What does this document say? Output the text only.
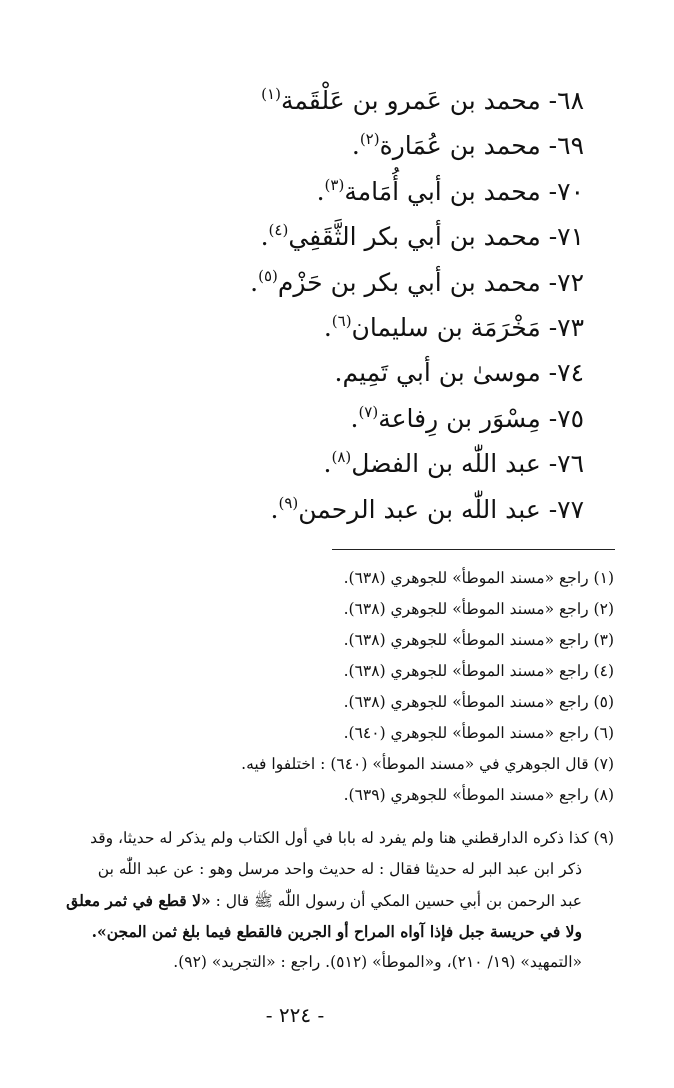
٦٨- محمد بن عَمرو بن عَلْقَمة$^{(١)}$
٦٩- محمد بن عُمَارة$^{(٢)}$.
٧٠- محمد بن أبي أُمَامة$^{(٣)}$.
٧١- محمد بن أبي بكر الثَّقَفِي$^{(٤)}$.
٧٢- محمد بن أبي بكر بن حَزْم$^{(٥)}$.
٧٣- مَخْرَمَة بن سليمان$^{(٦)}$.
٧٤- موسىٰ بن أبي تَمِيم.
٧٥- مِسْوَر بن رِفاعة$^{(٧)}$.
٧٦- عبد اللّٰه بن الفضل$^{(٨)}$.
٧٧- عبد اللّٰه بن عبد الرحمن$^{(٩)}$.
(١) راجع «مسند الموطأ» للجوهري (٦٣٨).
(٢) راجع «مسند الموطأ» للجوهري (٦٣٨).
(٣) راجع «مسند الموطأ» للجوهري (٦٣٨).
(٤) راجع «مسند الموطأ» للجوهري (٦٣٨).
(٥) راجع «مسند الموطأ» للجوهري (٦٣٨).
(٦) راجع «مسند الموطأ» للجوهري (٦٤٠).
(٧) قال الجوهري في «مسند الموطأ» (٦٤٠) : اختلفوا فيه.
(٨) راجع «مسند الموطأ» للجوهري (٦٣٩).
(٩) كذا ذكره الدارقطني هنا ولم يفرد له بابا في أول الكتاب ولم يذكر له حديثا، وقد
ذكر ابن عبد البر له حديثا فقال : له حديث واحد مرسل وهو : عن عبد اللّٰه بن
عبد الرحمن بن أبي حسين المكي أن رسول اللّٰه ﷺ قال : «لا قطع في ثمر معلق
ولا في حريسة جبل فإذا آواه المراح أو الجرين فالقطع فيما بلغ ثمن المجن».
«التمهيد» (١٩/ ٢١٠)، و«الموطأ» (٥١٢). راجع : «التجريد» (٩٢).
- ٢٢٤ -
